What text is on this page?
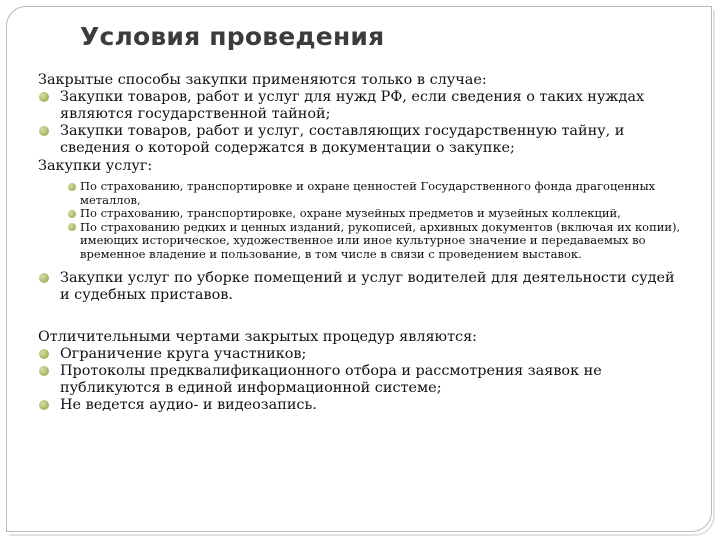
Условия проведения

Закрытые способы закупки применяются только в случае:

Закупки товаров, работ и услуг для нужд РФ, если сведения о таких нуждах являются государственной тайной;
Закупки товаров, работ и услуг, составляющих государственную тайну, и сведения о которой содержатся в документации о закупке;

Закупки услуг:

По страхованию, транспортировке и охране ценностей Государственного фонда драгоценных металлов,
По страхованию, транспортировке, охране музейных предметов и музейных коллекций,
По страхованию редких и ценных изданий, рукописей, архивных документов (включая их копии), имеющих историческое, художественное или иное культурное значение и передаваемых во временное владение и пользование, в том числе в связи с проведением выставок.
Закупки услуг по уборке помещений и услуг водителей для деятельности судей и судебных приставов.

Отличительными чертами закрытых процедур являются:

Ограничение круга участников;
Протоколы предквалификационного отбора и рассмотрения заявок не публикуются в единой информационной системе;
Не ведется аудио- и видеозапись.
